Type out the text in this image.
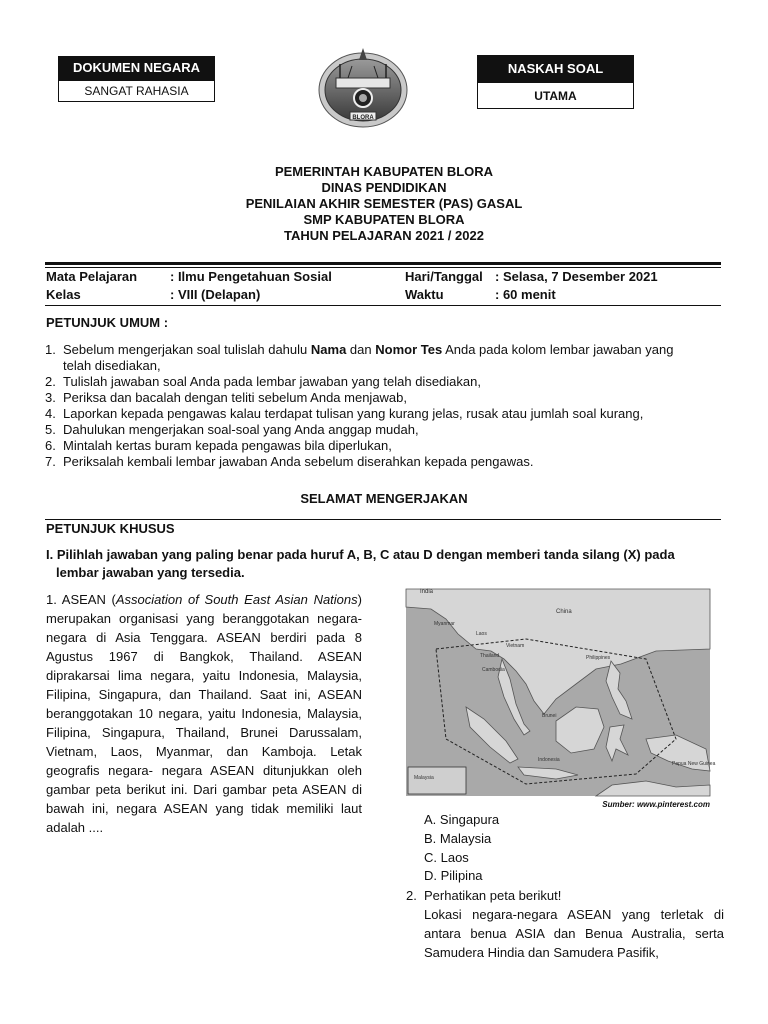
DOKUMEN NEGARA
SANGAT RAHASIA
BLORA
NASKAH SOAL
UTAMA
PEMERINTAH KABUPATEN BLORA
DINAS PENDIDIKAN
PENILAIAN AKHIR SEMESTER (PAS) GASAL
SMP KABUPATEN BLORA
TAHUN PELAJARAN 2021 / 2022
Mata Pelajaran	: Ilmu Pengetahuan Sosial	Hari/Tanggal : Selasa, 7 Desember 2021
Kelas	: VIII (Delapan)	Waktu	: 60 menit
PETUNJUK UMUM :
1. Sebelum mengerjakan soal tulislah dahulu Nama dan Nomor Tes Anda pada kolom lembar jawaban yang
telah disediakan,
2. Tulislah jawaban soal Anda pada lembar jawaban yang telah disediakan,
3. Periksa dan bacalah dengan teliti sebelum Anda menjawab,
4. Laporkan kepada pengawas kalau terdapat tulisan yang kurang jelas, rusak atau jumlah soal kurang,
5. Dahulukan mengerjakan soal-soal yang Anda anggap mudah,
6. Mintalah kertas buram kepada pengawas bila diperlukan,
7. Periksalah kembali lembar jawaban Anda sebelum diserahkan kepada pengawas.
SELAMAT MENGERJAKAN
PETUNJUK KHUSUS
I. Pilihlah jawaban yang paling benar pada huruf A, B, C atau D dengan memberi tanda silang (X) pada
lembar jawaban yang tersedia.
1. ASEAN (Association of South East Asian Nations) merupakan organisasi yang beranggotakan negara-negara di Asia Tenggara. ASEAN berdiri pada 8 Agustus 1967 di Bangkok, Thailand. ASEAN diprakarsai lima negara, yaitu Indonesia, Malaysia, Filipina, Singapura, dan Thailand. Saat ini, ASEAN beranggotakan 10 negara, yaitu Indonesia, Malaysia, Filipina, Singapura, Thailand, Brunei Darussalam, Vietnam, Laos, Myanmar, dan Kamboja. Letak geografis negara- negara ASEAN ditunjukkan oleh gambar peta berikut ini. Dari gambar peta ASEAN di bawah ini, negara ASEAN yang tidak memiliki laut adalah ....
India
China
Myanmar
Laos
Thailand
Vietnam
Cambodia
Philippines
Brunei
Malaysia
Indonesia
Papua New Guinea
Sumber: www.pinterest.com
A. Singapura
B. Malaysia
C. Laos
D. Pilipina
2. Perhatikan peta berikut!
Lokasi negara-negara ASEAN yang terletak di antara benua ASIA dan Benua Australia, serta Samudera Hindia dan Samudera Pasifik,
